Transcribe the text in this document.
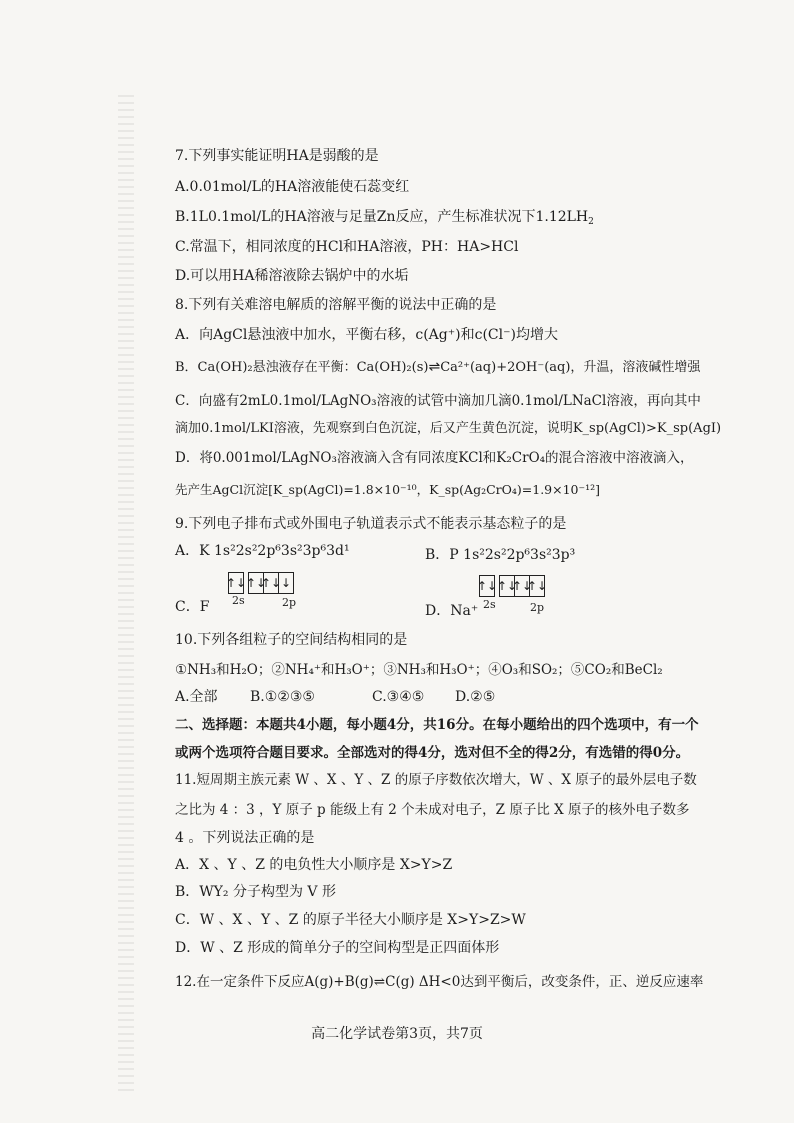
7.下列事实能证明HA是弱酸的是
A.0.01mol/L的HA溶液能使石蕊变红
B.1L0.1mol/L的HA溶液与足量Zn反应，产生标准状况下$1.12LH_2$
C.常温下，相同浓度的HCl和HA溶液，PH：HA>HCl
D.可以用HA稀溶液除去锅炉中的水垢
8.下列有关难溶电解质的溶解平衡的说法中正确的是
A．向AgCl悬浊液中加水，平衡右移，c(Ag⁺)和c(Cl⁻)均增大
B．Ca(OH)₂悬浊液存在平衡：Ca(OH)₂(s)⇌Ca²⁺(aq)+2OH⁻(aq)，升温，溶液碱性增强
C．向盛有2mL0.1mol/LAgNO₃溶液的试管中滴加几滴0.1mol/LNaCl溶液，再向其中
滴加0.1mol/LKI溶液，先观察到白色沉淀，后又产生黄色沉淀，说明K_sp(AgCl)>K_sp(AgI)
D．将0.001mol/LAgNO₃溶液滴入含有同浓度KCl和K₂CrO₄的混合溶液中溶液滴入，
先产生AgCl沉淀[K_sp(AgCl)=1.8×10⁻¹⁰，K_sp(Ag₂CrO₄)=1.9×10⁻¹²]
9.下列电子排布式或外围电子轨道表示式不能表示基态粒子的是
A．K 1s²2s²2p⁶3s²3p⁶3d¹	B．P 1s²2s²2p⁶3s²3p³
↑↓ ↑↓
↑↓ ↓
2s	2p
C．F
↑↓ ↑↓
↑↓
↑↓
2s	2p
D．Na⁺
10.下列各组粒子的空间结构相同的是
①NH₃和H₂O；②NH₄⁺和H₃O⁺；③NH₃和H₃O⁺；④O₃和SO₂；⑤CO₂和BeCl₂
A.全部 B.①②③⑤	C.③④⑤ D.②⑤
二、选择题：本题共4小题，每小题4分，共16分。在每小题给出的四个选项中，有一个
或两个选项符合题目要求。全部选对的得4分，选对但不全的得2分，有选错的得0分。
11.短周期主族元素 W 、X 、Y 、Z 的原子序数依次增大，W 、X 原子的最外层电子数
之比为 4 ：3 ，Y 原子 p 能级上有 2 个未成对电子，Z 原子比 X 原子的核外电子数多
4 。下列说法正确的是
A．X 、Y 、Z 的电负性大小顺序是 X>Y>Z
B．WY₂ 分子构型为 V 形
C．W 、X 、Y 、Z 的原子半径大小顺序是 X>Y>Z>W
D．W 、Z 形成的简单分子的空间构型是正四面体形
12.在一定条件下反应A(g)+B(g)⇌C(g) ΔH<0达到平衡后，改变条件，正、逆反应速率
高二化学试卷第3页，共7页
